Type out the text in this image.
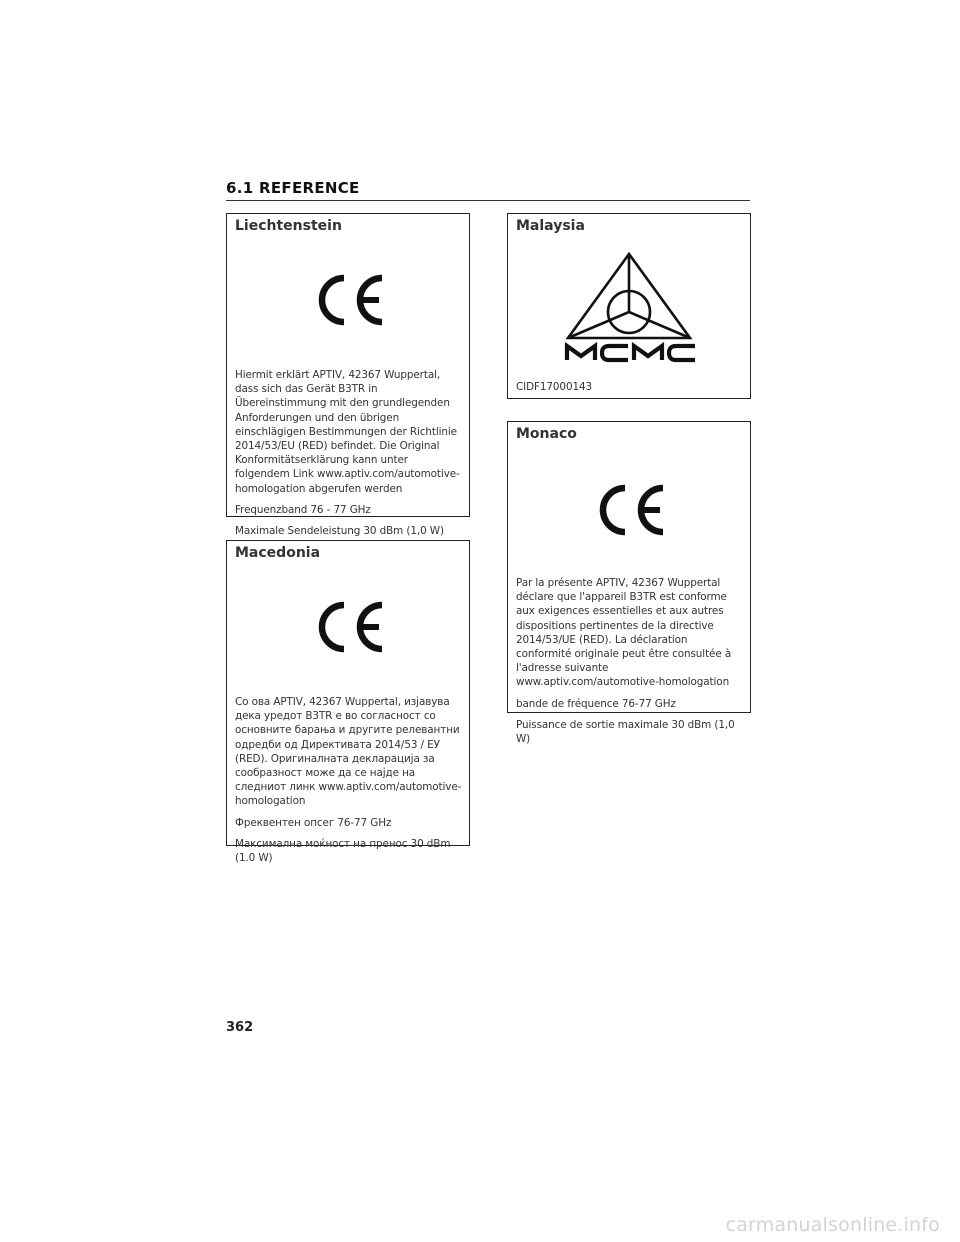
6.1 REFERENCE
Liechtenstein

Hiermit erklärt APTIV, 42367 Wuppertal, dass sich das Gerät B3TR in Übereinstimmung mit den grundlegenden Anforderungen und den übrigen einschlägigen Bestimmungen der Richtlinie 2014/53/EU (RED) befindet. Die Original Konformitätserklärung kann unter folgendem Link www.aptiv.com/automotive-homologation abgerufen werden

Frequenzband 76 - 77 GHz

Maximale Sendeleistung 30 dBm (1,0 W)

Macedonia

Со ова APTIV, 42367 Wuppertal, изјавува дека уредот B3TR е во согласност со основните барања и другите релевантни одредби од Директивата 2014/53 / ЕУ (RED). Оригиналната декларација за сообразност може да се најде на следниот линк www.aptiv.com/automotive-homologation

Фреквентен опсег 76-77 GHz

Максимална моќност на пренос 30 dBm (1.0 W)

Malaysia

CIDF17000143

Monaco

Par la présente APTIV, 42367 Wuppertal déclare que l'appareil B3TR est conforme aux exigences essentielles et aux autres dispositions pertinentes de la directive 2014/53/UE (RED). La déclaration conformité originale peut être consultée à l'adresse suivante www.aptiv.com/automotive-homologation

bande de fréquence 76-77 GHz

Puissance de sortie maximale 30 dBm (1,0 W)

362
carmanualsonline.info
